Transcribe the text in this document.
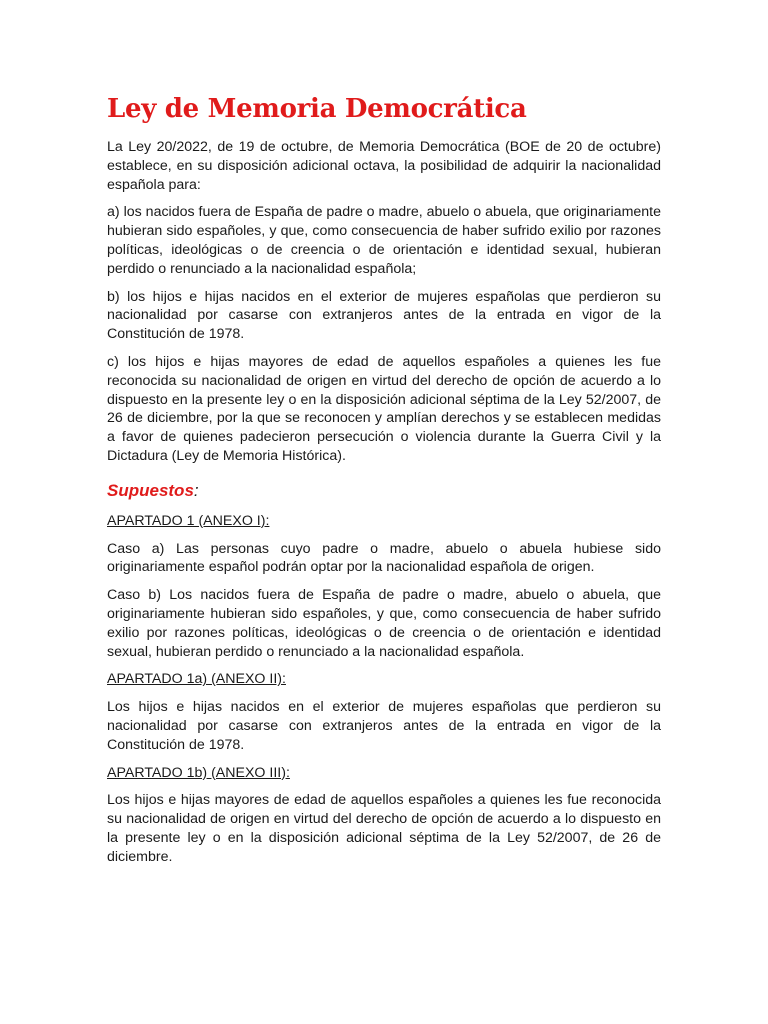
Ley de Memoria Democrática

La Ley 20/2022, de 19 de octubre, de Memoria Democrática (BOE de 20 de octubre) establece, en su disposición adicional octava, la posibilidad de adquirir la nacionalidad española para:

a) los nacidos fuera de España de padre o madre, abuelo o abuela, que originariamente hubieran sido españoles, y que, como consecuencia de haber sufrido exilio por razones políticas, ideológicas o de creencia o de orientación e identidad sexual, hubieran perdido o renunciado a la nacionalidad española;

b) los hijos e hijas nacidos en el exterior de mujeres españolas que perdieron su nacionalidad por casarse con extranjeros antes de la entrada en vigor de la Constitución de 1978.

c) los hijos e hijas mayores de edad de aquellos españoles a quienes les fue reconocida su nacionalidad de origen en virtud del derecho de opción de acuerdo a lo dispuesto en la presente ley o en la disposición adicional séptima de la Ley 52/2007, de 26 de diciembre, por la que se reconocen y amplían derechos y se establecen medidas a favor de quienes padecieron persecución o violencia durante la Guerra Civil y la Dictadura (Ley de Memoria Histórica).

Supuestos:
APARTADO 1 (ANEXO I):

Caso a) Las personas cuyo padre o madre, abuelo o abuela hubiese sido originariamente español podrán optar por la nacionalidad española de origen.

Caso b) Los nacidos fuera de España de padre o madre, abuelo o abuela, que originariamente hubieran sido españoles, y que, como consecuencia de haber sufrido exilio por razones políticas, ideológicas o de creencia o de orientación e identidad sexual, hubieran perdido o renunciado a la nacionalidad española.

APARTADO 1a) (ANEXO II):

Los hijos e hijas nacidos en el exterior de mujeres españolas que perdieron su nacionalidad por casarse con extranjeros antes de la entrada en vigor de la Constitución de 1978.

APARTADO 1b) (ANEXO III):

Los hijos e hijas mayores de edad de aquellos españoles a quienes les fue reconocida su nacionalidad de origen en virtud del derecho de opción de acuerdo a lo dispuesto en la presente ley o en la disposición adicional séptima de la Ley 52/2007, de 26 de diciembre.
